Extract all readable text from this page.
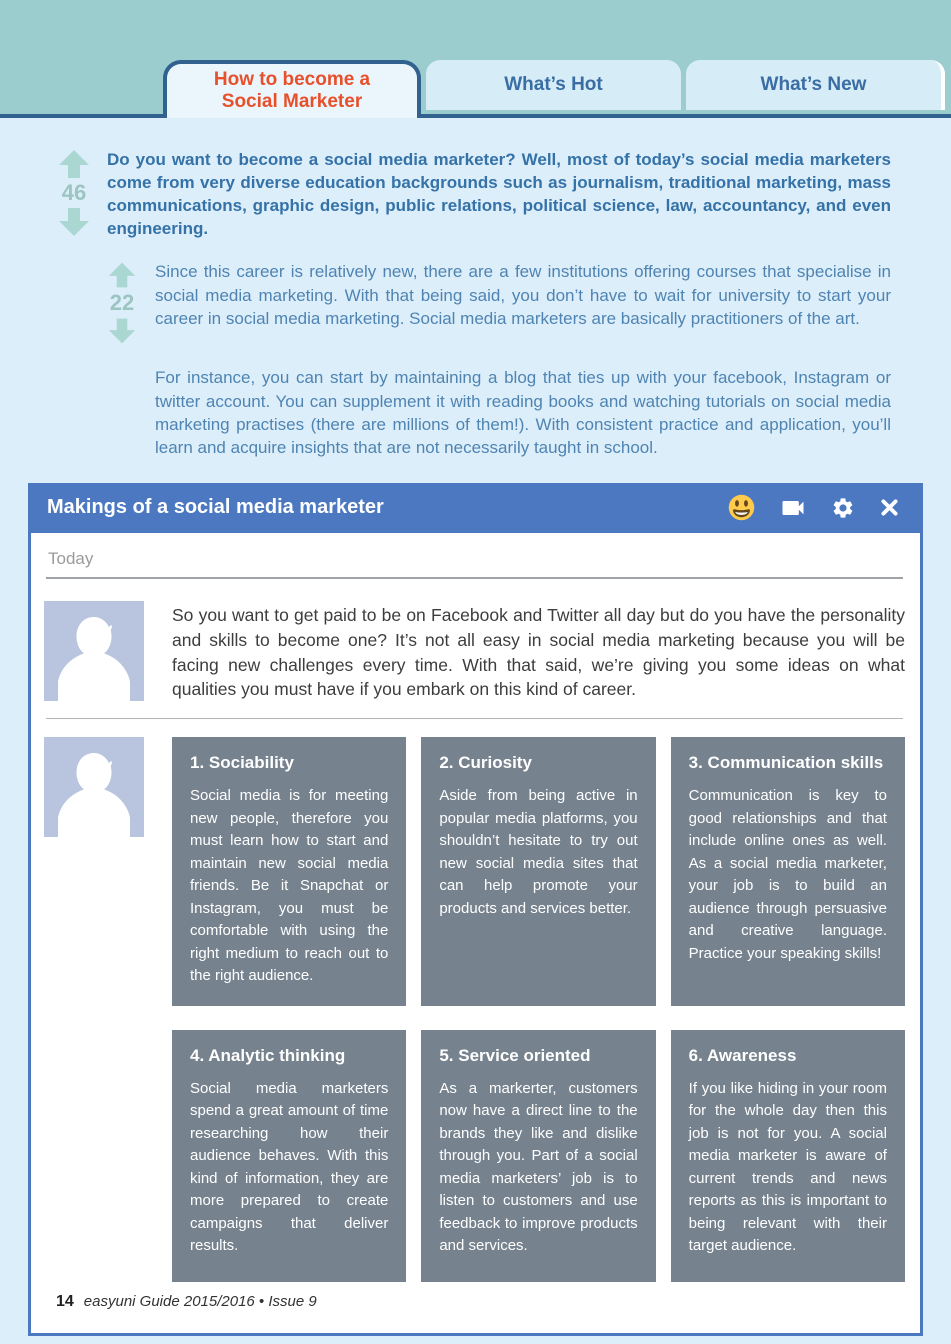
How to become a Social Marketer
What’s Hot	What’s New
46

Do you want to become a social media marketer? Well, most of today’s social media marketers come from very diverse education backgrounds such as journalism, traditional marketing, mass communications, graphic design, public relations, political science, law, accountancy, and even engineering.

22

Since this career is relatively new, there are a few institutions offering courses that specialise in social media marketing. With that being said, you don’t have to wait for university to start your career in social media marketing. Social media marketers are basically practitioners of the art.

For instance, you can start by maintaining a blog that ties up with your facebook, Instagram or twitter account. You can supplement it with reading books and watching tutorials on social media marketing practises (there are millions of them!). With consistent practice and application, you’ll learn and acquire insights that are not necessarily taught in school.

Makings of a social media marketer
Today

So you want to get paid to be on Facebook and Twitter all day but do you have the personality and skills to become one? It’s not all easy in social media marketing because you will be facing new challenges every time. With that said, we’re giving you some ideas on what qualities you must have if you embark on this kind of career.

1. Sociability
Social media is for meeting new people, therefore you must learn how to start and maintain new social media friends. Be it Snapchat or Instagram, you must be comfortable with using the right medium to reach out to the right audience.
2. Curiosity
Aside from being active in popular media platforms, you shouldn’t hesitate to try out new social media sites that can help promote your products and services better.
3. Communication skills
Communication is key to good relationships and that include online ones as well. As a social media marketer, your job is to build an audience through persuasive and creative language. Practice your speaking skills!
4. Analytic thinking
Social media marketers spend a great amount of time researching how their audience behaves. With this kind of information, they are more prepared to create campaigns that deliver results.
5. Service oriented
As a markerter, customers now have a direct line to the brands they like and dislike through you. Part of a social media marketers’ job is to listen to customers and use feedback to improve products and services.
6. Awareness
If you like hiding in your room for the whole day then this job is not for you. A social media marketer is aware of current trends and news reports as this is important to being relevant with their target audience.
14 easyuni Guide 2015/2016 • Issue 9
